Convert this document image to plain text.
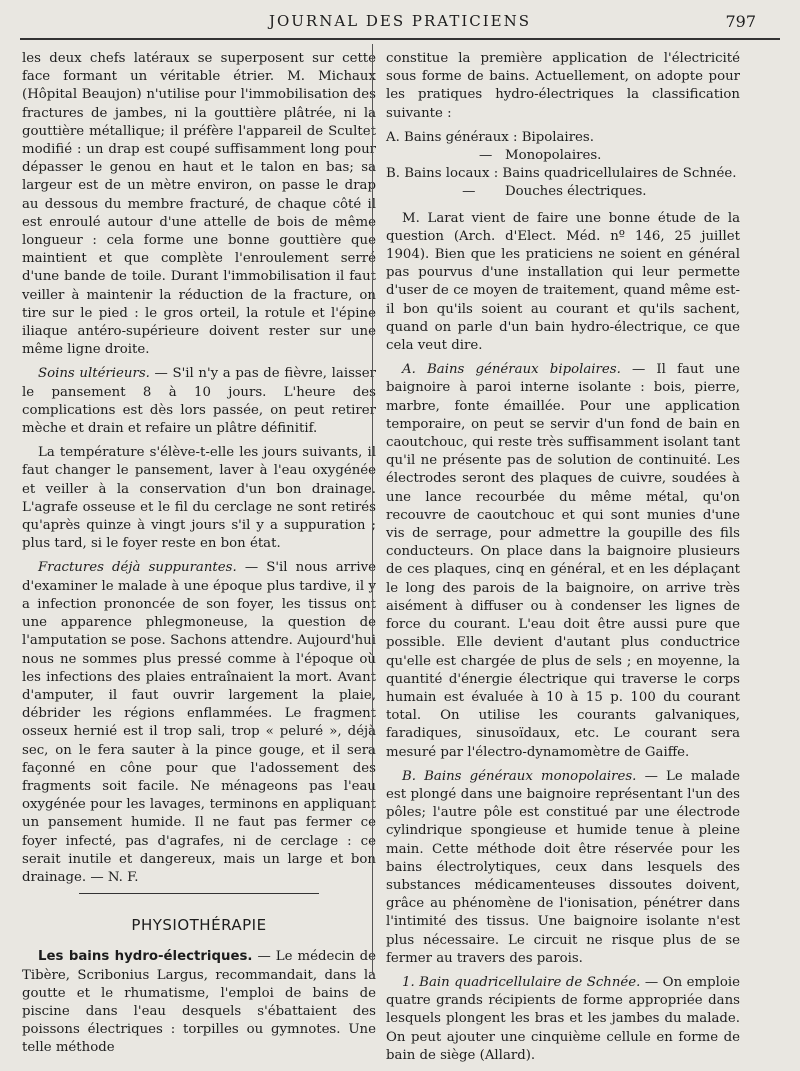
JOURNAL DES PRATICIENS	797

les deux chefs latéraux se superposent sur cette face formant un véritable étrier. M. Michaux (Hôpital Beaujon) n'utilise pour l'immobilisation des fractures de jambes, ni la gouttière plâtrée, ni la gouttière métallique; il préfère l'appareil de Scultet modifié : un drap est coupé suffisamment long pour dépasser le genou en haut et le talon en bas; sa largeur est de un mètre environ, on passe le drap au dessous du membre fracturé, de chaque côté il est enroulé autour d'une attelle de bois de même longueur : cela forme une bonne gouttière que maintient et que complète l'enroulement serré d'une bande de toile. Durant l'immobilisation il faut veiller à maintenir la réduction de la fracture, on tire sur le pied : le gros orteil, la rotule et l'épine iliaque antéro-supérieure doivent rester sur une même ligne droite.

Soins ultérieurs. — S'il n'y a pas de fièvre, laisser le pansement 8 à 10 jours. L'heure des complications est dès lors passée, on peut retirer mèche et drain et refaire un plâtre définitif.

La température s'élève-t-elle les jours suivants, il faut changer le pansement, laver à l'eau oxygénée et veiller à la conservation d'un bon drainage. L'agrafe osseuse et le fil du cerclage ne sont retirés qu'après quinze à vingt jours s'il y a suppuration ; plus tard, si le foyer reste en bon état.

Fractures déjà suppurantes. — S'il nous arrive d'examiner le malade à une époque plus tardive, il y a infection prononcée de son foyer, les tissus ont une apparence phlegmoneuse, la question de l'amputation se pose. Sachons attendre. Aujourd'hui nous ne sommes plus pressé comme à l'époque où les infections des plaies entraînaient la mort. Avant d'amputer, il faut ouvrir largement la plaie, débrider les régions enflammées. Le fragment osseux hernié est il trop sali, trop « peluré », déjà sec, on le fera sauter à la pince gouge, et il sera façonné en cône pour que l'adossement des fragments soit facile. Ne ménageons pas l'eau oxygénée pour les lavages, terminons en appliquant un pansement humide. Il ne faut pas fermer ce foyer infecté, pas d'agrafes, ni de cerclage : ce serait inutile et dangereux, mais un large et bon drainage. — N. F.

PHYSIOTHÉRAPIE

Les bains hydro-électriques. — Le médecin de Tibère, Scribonius Largus, recommandait, dans la goutte et le rhumatisme, l'emploi de bains de piscine dans l'eau desquels s'ébattaient des poissons électriques : torpilles ou gymnotes. Une telle méthode

constitue la première application de l'électricité sous forme de bains. Actuellement, on adopte pour les pratiques hydro-électriques la classification suivante :

A. Bains généraux : Bipolaires.
—   Monopolaires.
B. Bains locaux : Bains quadricellulaires de Schnée.
—       Douches électriques.

M. Larat vient de faire une bonne étude de la question (Arch. d'Elect. Méd. nº 146, 25 juillet 1904). Bien que les praticiens ne soient en général pas pourvus d'une installation qui leur permette d'user de ce moyen de traitement, quand même est-il bon qu'ils soient au courant et qu'ils sachent, quand on parle d'un bain hydro-électrique, ce que cela veut dire.

A. Bains généraux bipolaires. — Il faut une baignoire à paroi interne isolante : bois, pierre, marbre, fonte émaillée. Pour une application temporaire, on peut se servir d'un fond de bain en caoutchouc, qui reste très suffisamment isolant tant qu'il ne présente pas de solution de continuité. Les électrodes seront des plaques de cuivre, soudées à une lance recourbée du même métal, qu'on recouvre de caoutchouc et qui sont munies d'une vis de serrage, pour admettre la goupille des fils conducteurs. On place dans la baignoire plusieurs de ces plaques, cinq en général, et en les déplaçant le long des parois de la baignoire, on arrive très aisément à diffuser ou à condenser les lignes de force du courant. L'eau doit être aussi pure que possible. Elle devient d'autant plus conductrice qu'elle est chargée de plus de sels ; en moyenne, la quantité d'énergie électrique qui traverse le corps humain est évaluée à 10 à 15 p. 100 du courant total. On utilise les courants galvaniques, faradiques, sinusoïdaux, etc. Le courant sera mesuré par l'électro-dynamomètre de Gaiffe.

B. Bains généraux monopolaires. — Le malade est plongé dans une baignoire représentant l'un des pôles; l'autre pôle est constitué par une électrode cylindrique spongieuse et humide tenue à pleine main. Cette méthode doit être réservée pour les bains électrolytiques, ceux dans lesquels des substances médicamenteuses dissoutes doivent, grâce au phénomène de l'ionisation, pénétrer dans l'intimité des tissus. Une baignoire isolante n'est plus nécessaire. Le circuit ne risque plus de se fermer au travers des parois.

1. Bain quadricellulaire de Schnée. — On emploie quatre grands récipients de forme appropriée dans lesquels plongent les bras et les jambes du malade. On peut ajouter une cinquième cellule en forme de bain de siège (Allard).
